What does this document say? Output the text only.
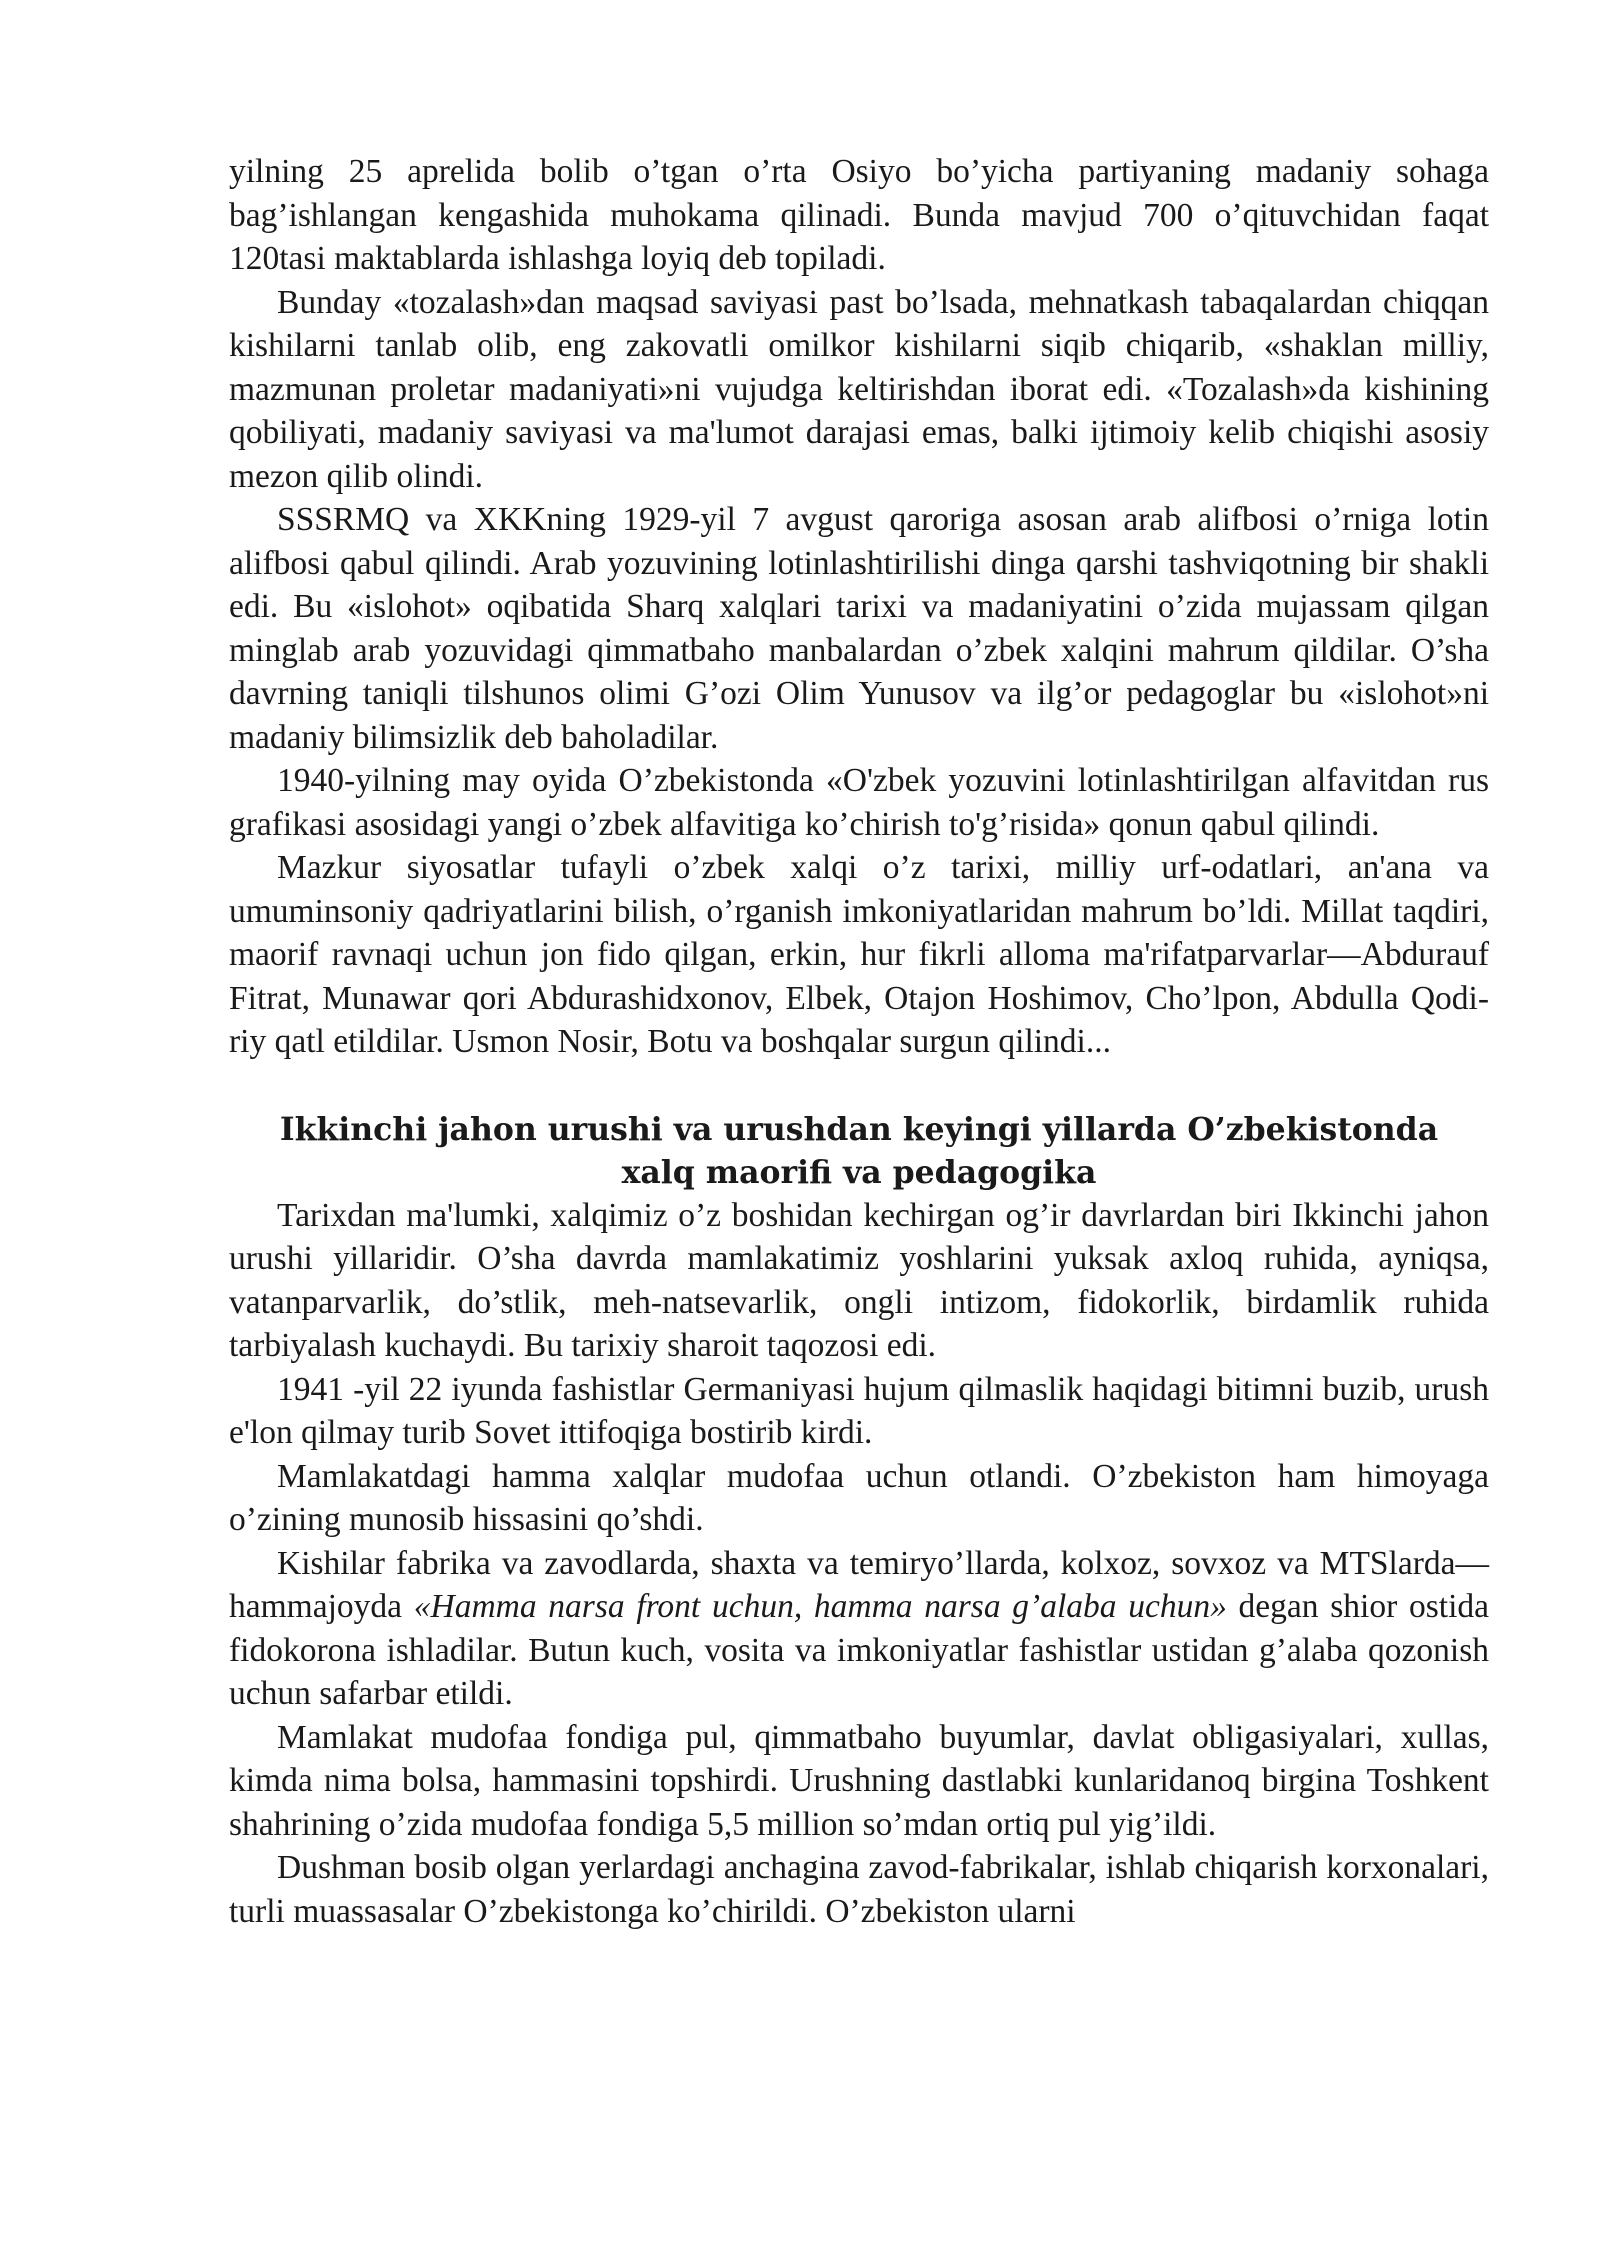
yilning 25 aprelida bolib o’tgan o’rta Osiyo bo’yicha partiyaning madaniy sohaga bag’ishlangan kengashida muhokama qilinadi. Bunda mavjud 700 o’qituvchidan faqat 120tasi maktablarda ishlashga loyiq deb topiladi.

Bunday «tozalash»dan maqsad saviyasi past bo’lsada, mehnatkash tabaqalardan chiqqan kishilarni tanlab olib, eng zakovatli omilkor kishilarni siqib chiqarib, «shaklan milliy, mazmunan proletar madaniyati»ni vujudga keltirishdan iborat edi. «Tozalash»da kishining qobiliyati, madaniy saviyasi va ma'lumot darajasi emas, balki ijtimoiy kelib chiqishi asosiy mezon qilib olindi.

SSSRMQ va XKKning 1929-yil 7 avgust qaroriga asosan arab alifbosi o’rniga lotin alifbosi qabul qilindi. Arab yozuvining lotinlashtirilishi dinga qarshi tashviqotning bir shakli edi. Bu «islohot» oqibatida Sharq xalqlari tarixi va madaniyatini o’zida mujassam qilgan minglab arab yozuvidagi qimmatbaho manbalardan o’zbek xalqini mahrum qildilar. O’sha davrning taniqli tilshunos olimi G’ozi Olim Yunusov va ilg’or pedagoglar bu «islohot»ni madaniy bilimsizlik deb baholadilar.

1940-yilning may oyida O’zbekistonda «O'zbek yozuvini lotinlashtirilgan alfavitdan rus grafikasi asosidagi yangi o’zbek alfavitiga ko’chirish to'g’risida» qonun qabul qilindi.

Mazkur siyosatlar tufayli o’zbek xalqi o’z tarixi, milliy urf-odatlari, an'ana va umuminsoniy qadriyatlarini bilish, o’rganish imkoniyatlaridan mahrum bo’ldi. Millat taqdiri, maorif ravnaqi uchun jon fido qilgan, erkin, hur fikrli alloma ma'rifatparvarlar—Abdurauf Fitrat, Munawar qori Abdurashidxonov, Elbek, Otajon Hoshimov, Cho’lpon, Abdulla Qodi-riy qatl etildilar. Usmon Nosir, Botu va boshqalar surgun qilindi...

Ikkinchi jahon urushi va urushdan keyingi yillarda O’zbekistonda xalq maorifi va pedagogika

Tarixdan ma'lumki, xalqimiz o’z boshidan kechirgan og’ir davrlardan biri Ikkinchi jahon urushi yillaridir. O’sha davrda mamlakatimiz yoshlarini yuksak axloq ruhida, ayniqsa, vatanparvarlik, do’stlik, meh-natsevarlik, ongli intizom, fidokorlik, birdamlik ruhida tarbiyalash kuchaydi. Bu tarixiy sharoit taqozosi edi.

1941 -yil 22 iyunda fashistlar Germaniyasi hujum qilmaslik haqidagi bitimni buzib, urush e'lon qilmay turib Sovet ittifoqiga bostirib kirdi.

Mamlakatdagi hamma xalqlar mudofaa uchun otlandi. O’zbekiston ham himoyaga o’zining munosib hissasini qo’shdi.

Kishilar fabrika va zavodlarda, shaxta va temiryo’llarda, kolxoz, sovxoz va MTSlarda—hammajoyda «Hamma narsa front uchun, hamma narsa g’alaba uchun» degan shior ostida fidokorona ishladilar. Butun kuch, vosita va imkoniyatlar fashistlar ustidan g’alaba qozonish uchun safarbar etildi.

Mamlakat mudofaa fondiga pul, qimmatbaho buyumlar, davlat obligasiyalari, xullas, kimda nima bolsa, hammasini topshirdi. Urushning dastlabki kunlaridanoq birgina Toshkent shahrining o’zida mudofaa fondiga 5,5 million so’mdan ortiq pul yig’ildi.

Dushman bosib olgan yerlardagi anchagina zavod-fabrikalar, ishlab chiqarish korxonalari, turli muassasalar O’zbekistonga ko’chirildi. O’zbekiston ularni
